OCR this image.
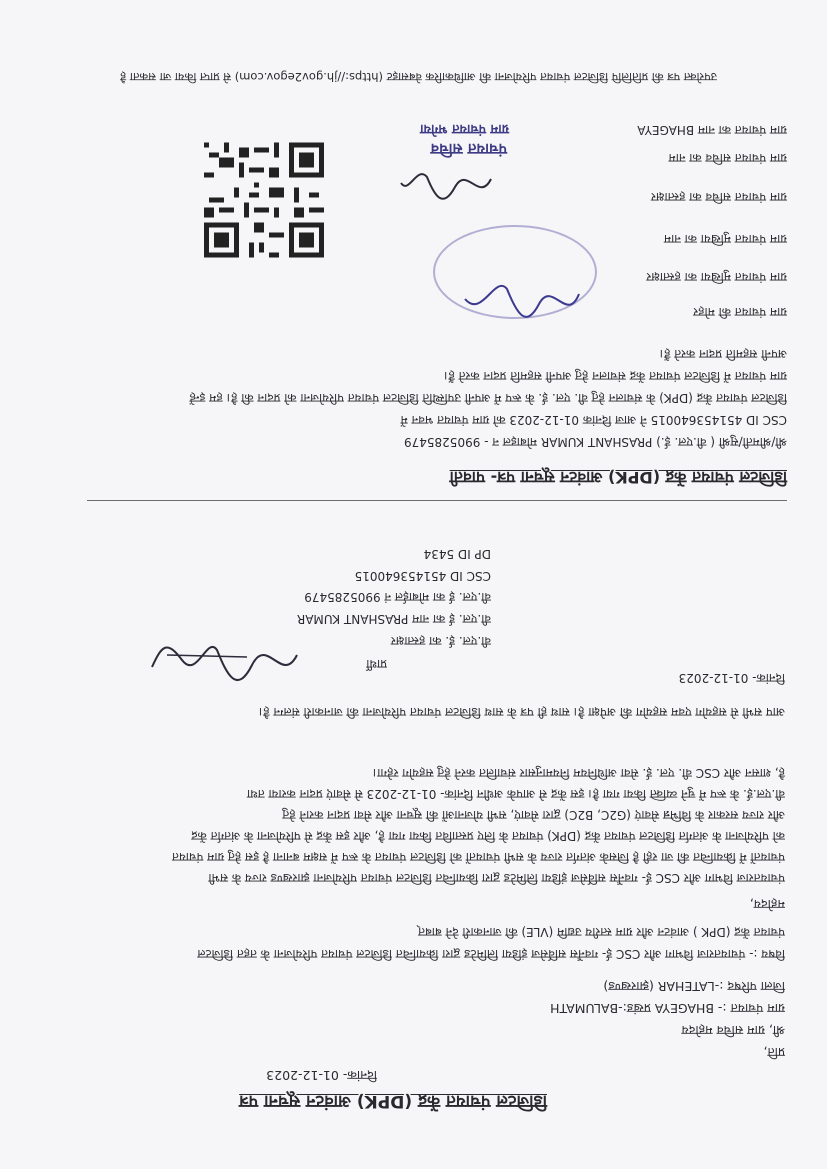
डिजिटल पंचायत केंद्र (DPK) आवंटन सूचना पत्र
दिनांक- 01-12-2023
प्रति,
श्री, ग्राम सचिव महोदय
ग्राम पंचायत :- BHAGEYA प्रखंड:-BALUMATH
जिला परिषद :-LATEHAR (झारखण्ड)
विषय :- पंचायतराज विभाग और CSC ई- गवर्नेंस सर्विसेज इंडिया लिमिटेड द्वारा क्रियान्वित डिजिटल पंचायत परियोजना के तहत डिजिटल
पंचायत केंद्र (DPK ) आवंटन और ग्राम स्तरीय उद्यमि (VLE) की जानकारी देने बाबत्
महोदय,
पंचायतराज विभाग और CSC ई- गवर्नेंस सर्विसेज इंडिया लिमिटेड द्वारा क्रियान्वित डिजिटल पंचायत परियोजना झारखण्ड राज्य के सभी
पंचायतों में क्रियान्वित की जा रही है जिसके अंतर्गत राज्य के सभी पंचायतों को डिजिटल पंचायत के रूप में सक्षम बनाना है इस हेतु ग्राम पंचायत
को परियोजना के अंतर्गत डिजिटल पंचायत केंद्र (DPK) पंचायत के लिए प्रस्तावित किया गया है, और इस केंद्र से परियोजना के अंतर्गत केंद्र
और राज्य सरकार के विभिन्न सेवाएं (G2C, B2C) द्वारा सेवाएं, सभी योजनाओं की सूचना और सेवा प्रदान कराने हेतु
वी.एल.ई. के रूप में चुने व्यक्ति किया गया है। इस केंद्र से आपके अधीन दिनांक- 01-12-2023 से सेवाएं प्रदान कराया तथा
है, शासन और CSC वी. एल. ई. सेवा अधिनियम नियमानुसार संचालित करने हेतु सहयोग रहेगा।
आप सभी से सहयोग एवम सहयोग की अपेक्षा है। साथ ही पत्र के साथ डिजिटल पंचायत परियोजना की जानकारी संलग्न है।
दिनांक- 01-12-2023
प्रार्थी
वी.एल. ई. का हस्ताक्षर
वी.एल. ई का नाम PRASHANT KUMAR
वी.एल. ई का मोबाईल नं 9905285479
CSC ID 451453640015
DP ID 5434
डिजिटल पंचायत केंद्र (DPK) आवंटन सूचना पत्र- पावती
श्री/श्रीमती/सुश्री ( वी.एल. ई.) PRASHANT KUMAR मोबाइल न - 9905285479
CSC ID 451453640015 ने आज दिनांक 01-12-2023 को ग्राम पंचायत भवन में
डिजिटल पंचायत केंद्र (DPK) के संचालन हेतु वी. एल. ई. के रूप में अपनी उपस्थिति डिजिटल पंचायत परियोजना को प्रदान की है। हम इन्हें
ग्राम पंचायत में डिजिटल पंचायत केंद्र संचालन हेतु अपनी सहमति प्रदान करते हैं।
अपनी सहमति प्रदान करते हैं।
ग्राम पंचायत की मोहर
ग्राम पंचायत मुखिया का हस्ताक्षर
ग्राम पंचायत मुखिया का नाम
ग्राम पंचायत सचिव का हस्ताक्षर
ग्राम पंचायत सचिव का नाम
ग्राम पंचायत का नाम BHAGEYA
पंचायत सचिव
ग्राम पंचायत भगेया
उपरोक्त पत्र की प्रतिलिपि डिजिटल पंचायत परियोजना की आधिकारिक वेबसाइट (https://jh.gov2egov.com) से प्राप्त किया जा सकता है
